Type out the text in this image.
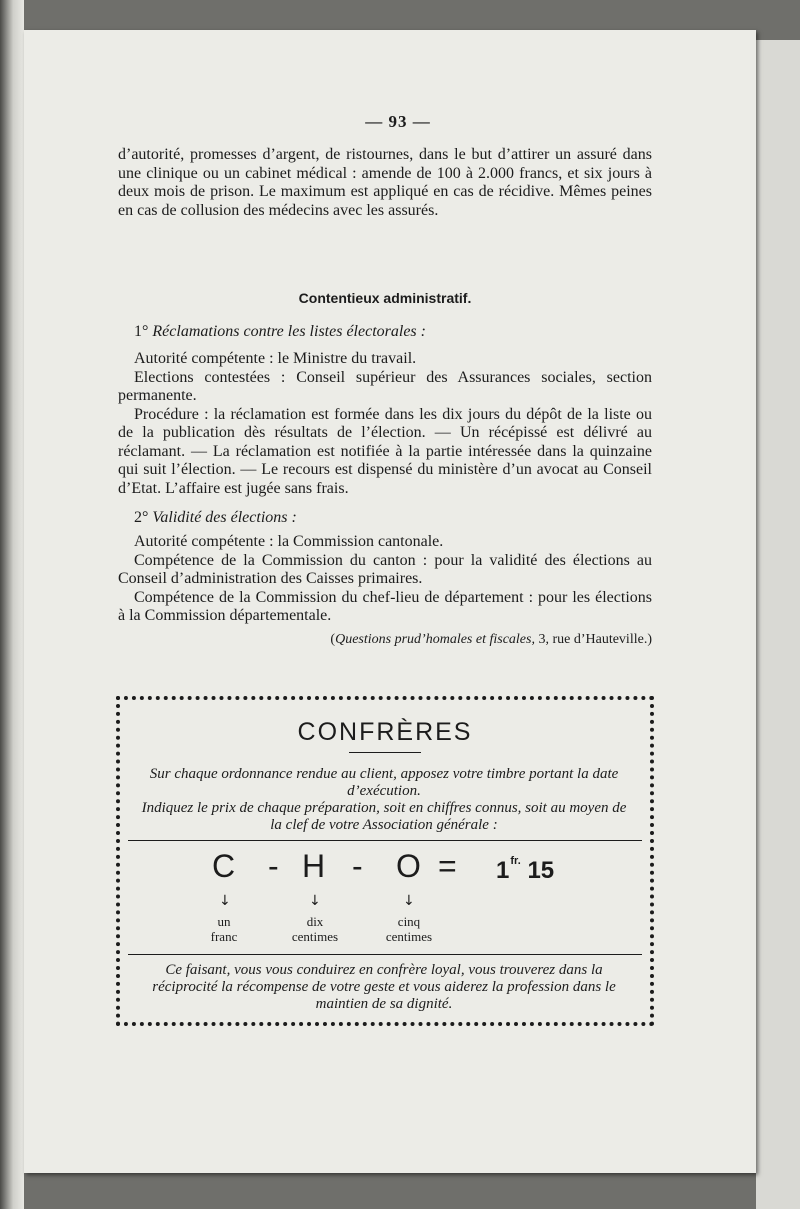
— 93 —
d’autorité, promesses d’argent, de ristournes, dans le but d’attirer un assuré dans une clinique ou un cabinet médical : amende de 100 à 2.000 francs, et six jours à deux mois de prison. Le maximum est appliqué en cas de récidive. Mêmes peines en cas de collusion des médecins avec les assurés.
Contentieux administratif.
1° Réclamations contre les listes électorales :
Autorité compétente : le Ministre du travail.
Elections contestées : Conseil supérieur des Assurances sociales, section permanente.
Procédure : la réclamation est formée dans les dix jours du dépôt de la liste ou de la publication dès résultats de l’élection. — Un récépissé est délivré au réclamant. — La réclamation est notifiée à la partie intéressée dans la quinzaine qui suit l’élection. — Le recours est dispensé du ministère d’un avocat au Conseil d’Etat. L’affaire est jugée sans frais.
2° Validité des élections :
Autorité compétente : la Commission cantonale.
Compétence de la Commission du canton : pour la validité des élections au Conseil d’administration des Caisses primaires.
Compétence de la Commission du chef-lieu de département : pour les élections à la Commission départementale.
(Questions prud’homales et fiscales, 3, rue d’Hauteville.)
CONFRÈRES
Sur chaque ordonnance rendue au client, apposez votre timbre portant la date d’exécution.
Indiquez le prix de chaque préparation, soit en chiffres connus, soit au moyen de la clef de votre Association générale :
$C - H - O = 1^{fr.}$ 15
↓	↓	↓
un
franc
dix
centimes
cinq
centimes
Ce faisant, vous vous conduirez en confrère loyal, vous trouverez dans la réciprocité la récompense de votre geste et vous aiderez la profession dans le maintien de sa dignité.
